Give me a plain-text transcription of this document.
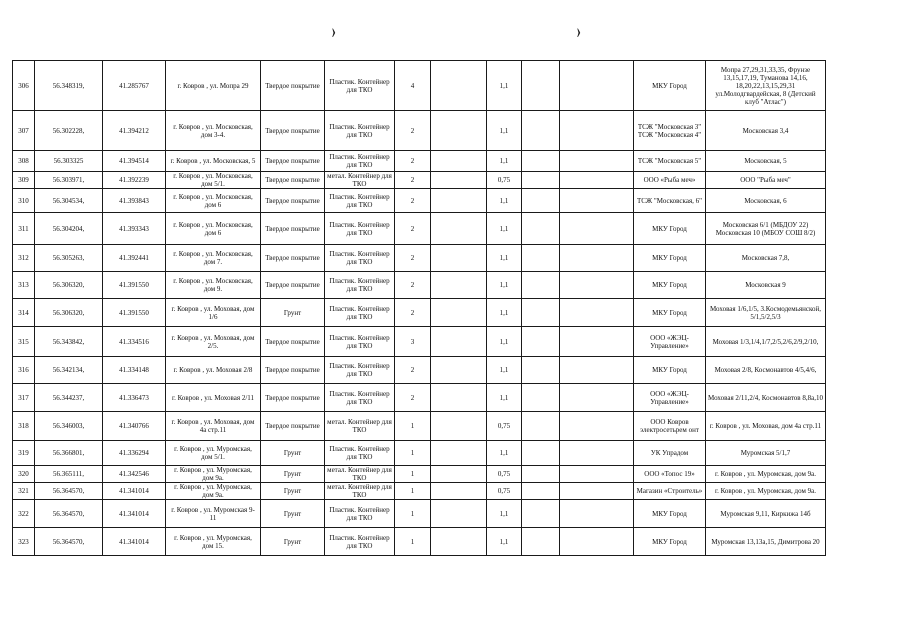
›	›
306	56.348319,	41.285767	г. Ковров , ул. Мопра 29	Твердое покрытие	Пластик. Контейнер для ТКО	4		1,1			МКУ Город	Мопра 27,29,31,33,35, Фрунзе 13,15,17,19, Туманова 14,16, 18,20,22,13,15,29,31 ул.Молодгвардейская, 8 (Детский клуб "Атлас")
307	56.302228,	41.394212	г. Ковров , ул. Московская, дом 3-4.	Твердое покрытие	Пластик. Контейнер для ТКО	2		1,1			ТСЖ "Московская 3" ТСЖ "Московская 4"	Московская 3,4
308	56.303325	41.394514	г. Ковров , ул. Московская, 5	Твердое покрытие	Пластик. Контейнер для ТКО	2		1,1			ТСЖ "Московская 5"	Московская, 5
309	56.303971,	41.392239	г. Ковров , ул. Московская, дом 5/1.	Твердое покрытие	метал. Контейнер для ТКО	2		0,75			ООО «Рыба меч»	ООО "Рыба меч"
310	56.304534,	41.393843	г. Ковров , ул. Московская, дом 6	Твердое покрытие	Пластик. Контейнер для ТКО	2		1,1			ТСЖ "Московская, 6"	Московская, 6
311	56.304204,	41.393343	г. Ковров , ул. Московская, дом 6	Твердое покрытие	Пластик. Контейнер для ТКО	2		1,1			МКУ Город	Московская 6/1 (МБДОУ 22) Московская 10 (МБОУ СОШ 8/2)
312	56.305263,	41.392441	г. Ковров , ул. Московская, дом 7.	Твердое покрытие	Пластик. Контейнер для ТКО	2		1,1			МКУ Город	Московская 7,8,
313	56.306320,	41.391550	г. Ковров , ул. Московская, дом 9.	Твердое покрытие	Пластик. Контейнер для ТКО	2		1,1			МКУ Город	Московская 9
314	56.306320,	41.391550	г. Ковров , ул. Моховая, дом 1/6	Грунт	Пластик. Контейнер для ТКО	2		1,1			МКУ Город	Моховая 1/6,1/5, 3.Космодемьянской, 5/1,5/2,5/3
315	56.343842,	41.334516	г. Ковров , ул. Моховая, дом 2/5.	Твердое покрытие	Пластик. Контейнер для ТКО	3		1,1			ООО «ЖЭЦ-Управление»	Моховая 1/3,1/4,1/7,2/5,2/6,2/9,2/10,
316	56.342134,	41.334148	г. Ковров , ул. Моховая 2/8	Твердое покрытие	Пластик. Контейнер для ТКО	2		1,1			МКУ Город	Моховая 2/8, Космонавтов 4/5,4/6,
317	56.344237,	41.336473	г. Ковров , ул. Моховая 2/11	Твердое покрытие	Пластик. Контейнер для ТКО	2		1,1			ООО «ЖЭЦ-Управление»	Моховая 2/11,2/4, Космонавтов 8,8а,10
318	56.346003,	41.340766	г. Ковров , ул. Моховая, дом 4а стр.11	Твердое покрытие	метал. Контейнер для ТКО	1		0,75			ООО Ковров электросетьрем онт	г. Ковров , ул. Моховая, дом 4а стр.11
319	56.366801,	41.336294	г. Ковров , ул. Муромская, дом 5/1.	Грунт	Пластик. Контейнер для ТКО	1		1,1			УК Упрадом	Муромская 5/1,7
320	56.365111,	41.342546	г. Ковров , ул. Муромская, дом 9а.	Грунт	метал. Контейнер для ТКО	1		0,75			ООО «Топос 19»	г. Ковров , ул. Муромская, дом 9а.
321	56.364570,	41.341014	г. Ковров , ул. Муромская, дом 9а.	Грунт	метал. Контейнер для ТКО	1		0,75			Магазин «Строитель»	г. Ковров , ул. Муромская, дом 9а.
322	56.364570,	41.341014	г. Ковров , ул. Муромская 9-11	Грунт	Пластик. Контейнер для ТКО	1		1,1			МКУ Город	Муромская 9,11, Киркижа 14б
323	56.364570,	41.341014	г. Ковров , ул. Муромская, дом 15.	Грунт	Пластик. Контейнер для ТКО	1		1,1			МКУ Город	Муромская 13,13а,15, Димитрова 20
